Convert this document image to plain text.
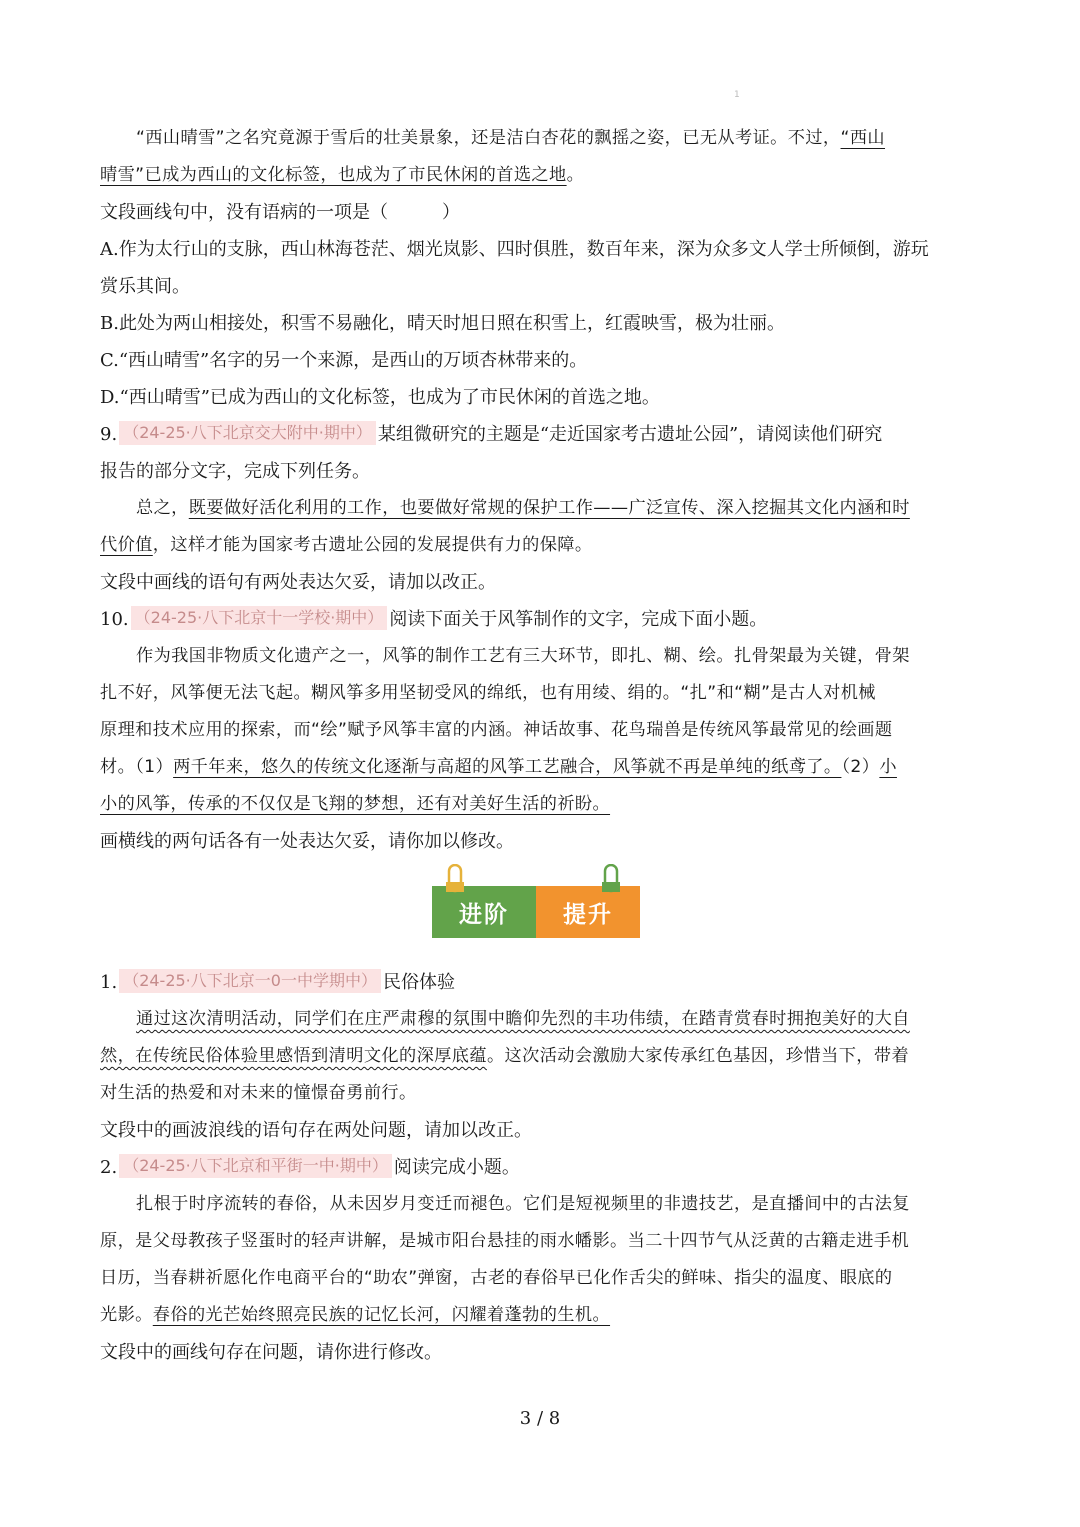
1
“西山晴雪”之名究竟源于雪后的壮美景象，还是洁白杏花的飘摇之姿，已无从考证。不过，“西山
晴雪”已成为西山的文化标签，也成为了市民休闲的首选之地。
文段画线句中，没有语病的一项是（　　　）
A.作为太行山的支脉，西山林海苍茫、烟光岚影、四时俱胜，数百年来，深为众多文人学士所倾倒，游玩
赏乐其间。
B.此处为两山相接处，积雪不易融化，晴天时旭日照在积雪上，红霞映雪，极为壮丽。
C.“西山晴雪”名字的另一个来源，是西山的万顷杏林带来的。
D.“西山晴雪”已成为西山的文化标签，也成为了市民休闲的首选之地。
9. （24-25·八下北京交大附中·期中） 某组微研究的主题是“走近国家考古遗址公园”，请阅读他们研究
报告的部分文字，完成下列任务。
总之，既要做好活化利用的工作，也要做好常规的保护工作——广泛宣传、深入挖掘其文化内涵和时
代价值，这样才能为国家考古遗址公园的发展提供有力的保障。
文段中画线的语句有两处表达欠妥，请加以改正。
10. （24-25·八下北京十一学校·期中） 阅读下面关于风筝制作的文字，完成下面小题。
作为我国非物质文化遗产之一，风筝的制作工艺有三大环节，即扎、糊、绘。扎骨架最为关键，骨架
扎不好，风筝便无法飞起。糊风筝多用坚韧受风的绵纸，也有用绫、绢的。“扎”和“糊”是古人对机械
原理和技术应用的探索，而“绘”赋予风筝丰富的内涵。神话故事、花鸟瑞兽是传统风筝最常见的绘画题
材。（1）两千年来，悠久的传统文化逐渐与高超的风筝工艺融合，风筝就不再是单纯的纸鸢了。（2）小
小的风筝，传承的不仅仅是飞翔的梦想，还有对美好生活的祈盼。
画横线的两句话各有一处表达欠妥，请你加以修改。
进阶	提升
1. （24-25·八下北京一0一中学期中） 民俗体验
通过这次清明活动，同学们在庄严肃穆的氛围中瞻仰先烈的丰功伟绩，在踏青赏春时拥抱美好的大自
然，在传统民俗体验里感悟到清明文化的深厚底蕴。这次活动会激励大家传承红色基因，珍惜当下，带着
对生活的热爱和对未来的憧憬奋勇前行。
文段中的画波浪线的语句存在两处问题，请加以改正。
2. （24-25·八下北京和平街一中·期中） 阅读完成小题。
扎根于时序流转的春俗，从未因岁月变迁而褪色。它们是短视频里的非遗技艺，是直播间中的古法复
原，是父母教孩子竖蛋时的轻声讲解，是城市阳台悬挂的雨水幡影。当二十四节气从泛黄的古籍走进手机
日历，当春耕祈愿化作电商平台的“助农”弹窗，古老的春俗早已化作舌尖的鲜味、指尖的温度、眼底的
光影。春俗的光芒始终照亮民族的记忆长河，闪耀着蓬勃的生机。
文段中的画线句存在问题，请你进行修改。
3 / 8
